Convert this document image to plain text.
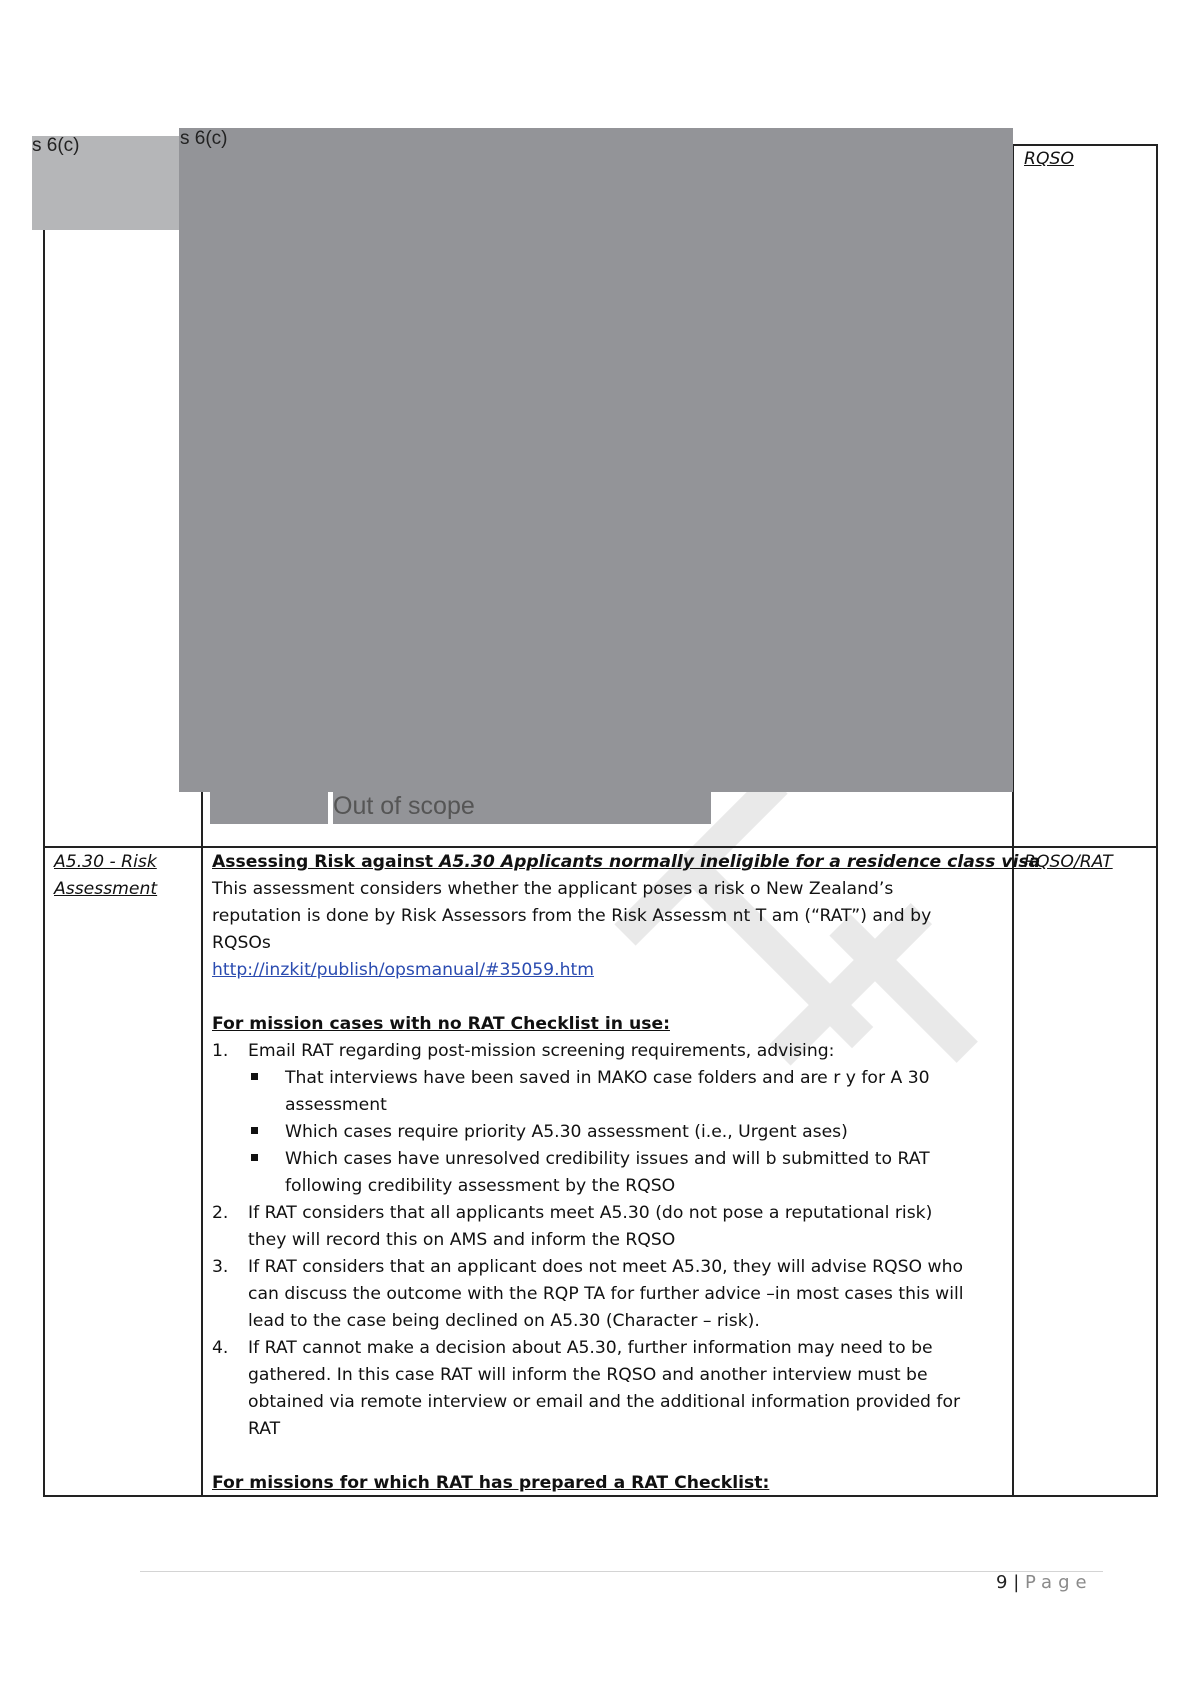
s 6(c)	s 6(c)
Out of scope
RQSO
A5.30 - Risk
Assessment
RQSO/RAT
Assessing Risk against A5.30 Applicants normally ineligible for a residence class visa
This assessment considers whether the applicant poses a risk o New Zealand’s
reputation is done by Risk Assessors from the Risk Assessm nt T am (“RAT”) and by
RQSOs
http://inzkit/publish/opsmanual/#35059.htm
For mission cases with no RAT Checklist in use:
1. Email RAT regarding post-mission screening requirements, advising:
That interviews have been saved in MAKO case folders and are r y for A 30
assessment
Which cases require priority A5.30 assessment (i.e., Urgent ases)
Which cases have unresolved credibility issues and will b submitted to RAT
following credibility assessment by the RQSO
2. If RAT considers that all applicants meet A5.30 (do not pose a reputational risk)
they will record this on AMS and inform the RQSO
3. If RAT considers that an applicant does not meet A5.30, they will advise RQSO who
can discuss the outcome with the RQP TA for further advice –in most cases this will
lead to the case being declined on A5.30 (Character – risk).
4. If RAT cannot make a decision about A5.30, further information may need to be
gathered. In this case RAT will inform the RQSO and another interview must be
obtained via remote interview or email and the additional information provided for
RAT
For missions for which RAT has prepared a RAT Checklist:
9 | Page
